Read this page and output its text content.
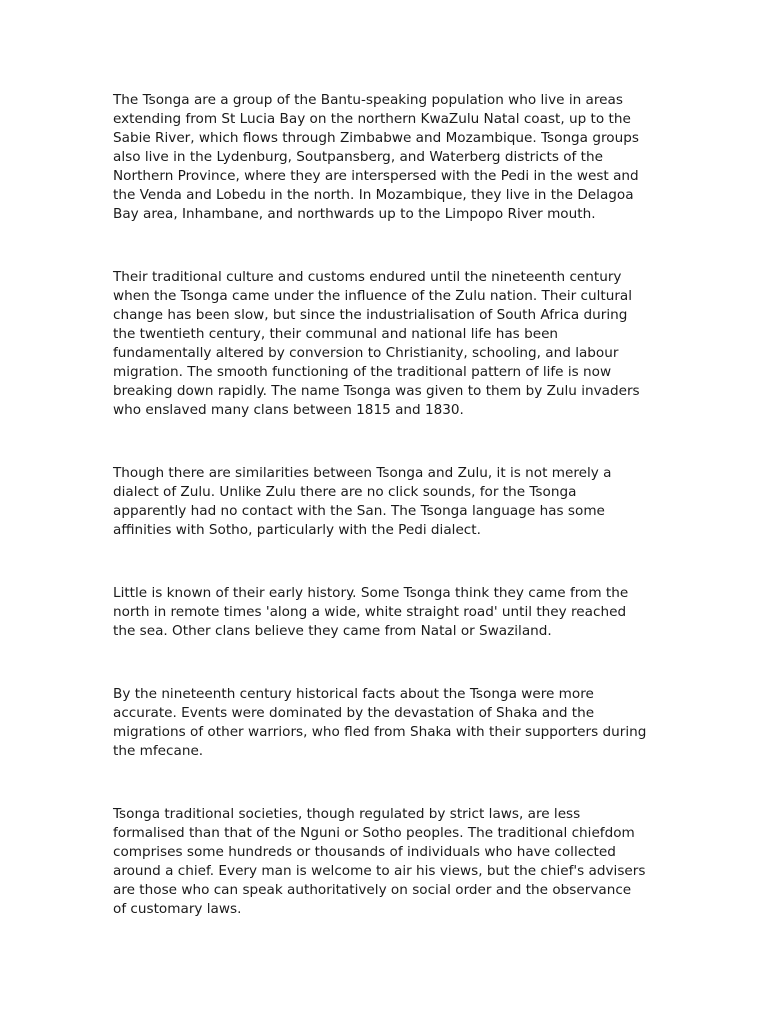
The Tsonga are a group of the Bantu-speaking population who live in areas
extending from St Lucia Bay on the northern KwaZulu Natal coast, up to the
Sabie River, which flows through Zimbabwe and Mozambique. Tsonga groups
also live in the Lydenburg, Soutpansberg, and Waterberg districts of the
Northern Province, where they are interspersed with the Pedi in the west and
the Venda and Lobedu in the north. In Mozambique, they live in the Delagoa
Bay area, Inhambane, and northwards up to the Limpopo River mouth.

Their traditional culture and customs endured until the nineteenth century
when the Tsonga came under the influence of the Zulu nation. Their cultural
change has been slow, but since the industrialisation of South Africa during
the twentieth century, their communal and national life has been
fundamentally altered by conversion to Christianity, schooling, and labour
migration. The smooth functioning of the traditional pattern of life is now
breaking down rapidly. The name Tsonga was given to them by Zulu invaders
who enslaved many clans between 1815 and 1830.

Though there are similarities between Tsonga and Zulu, it is not merely a
dialect of Zulu. Unlike Zulu there are no click sounds, for the Tsonga
apparently had no contact with the San. The Tsonga language has some
affinities with Sotho, particularly with the Pedi dialect.

Little is known of their early history. Some Tsonga think they came from the
north in remote times 'along a wide, white straight road' until they reached
the sea. Other clans believe they came from Natal or Swaziland.

By the nineteenth century historical facts about the Tsonga were more
accurate. Events were dominated by the devastation of Shaka and the
migrations of other warriors, who fled from Shaka with their supporters during
the mfecane.

Tsonga traditional societies, though regulated by strict laws, are less
formalised than that of the Nguni or Sotho peoples. The traditional chiefdom
comprises some hundreds or thousands of individuals who have collected
around a chief. Every man is welcome to air his views, but the chief's advisers
are those who can speak authoritatively on social order and the observance
of customary laws.
